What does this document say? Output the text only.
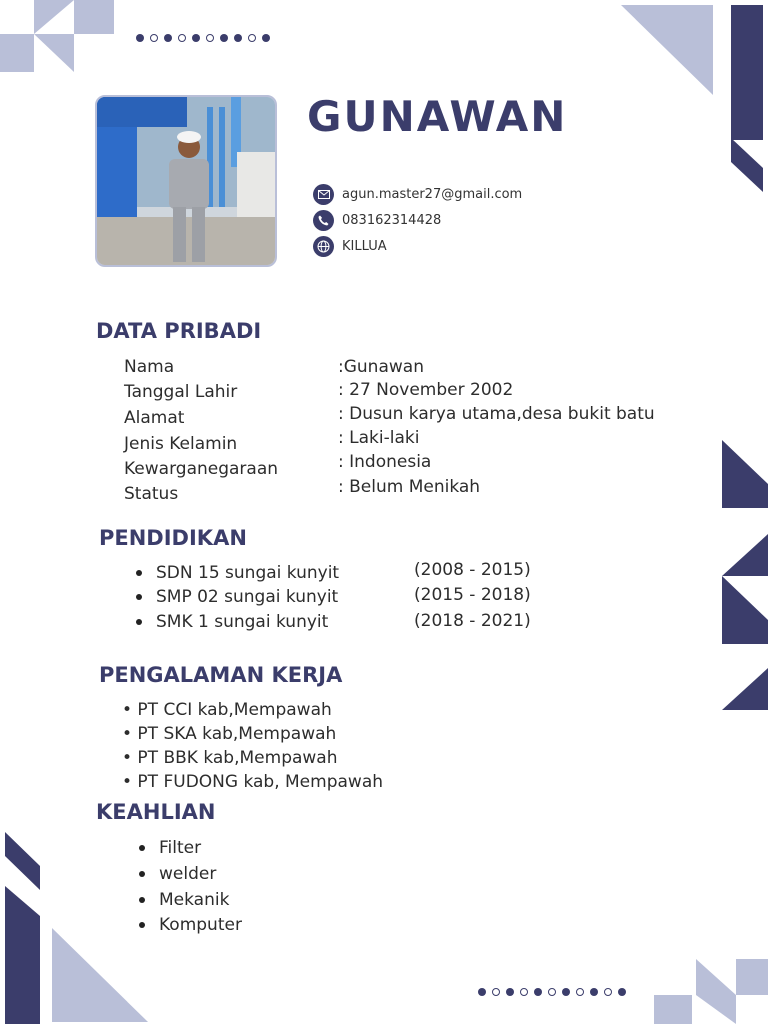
GUNAWAN
agun.master27@gmail.com
083162314428
KILLUA
DATA PRIBADI
Nama
Tanggal Lahir
Alamat
Jenis Kelamin
Kewarganegaraan
Status
:Gunawan
: 27 November 2002
: Dusun karya utama,desa bukit batu
: Laki-laki
: Indonesia
: Belum Menikah
PENDIDIKAN
SDN 15 sungai kunyit
SMP 02 sungai kunyit
SMK 1 sungai kunyit
(2008 - 2015)
(2015 - 2018)
(2018 - 2021)
PENGALAMAN KERJA
• PT CCI kab,Mempawah
• PT SKA kab,Mempawah
• PT BBK kab,Mempawah
• PT FUDONG kab, Mempawah
KEAHLIAN
Filter
welder
Mekanik
Komputer
